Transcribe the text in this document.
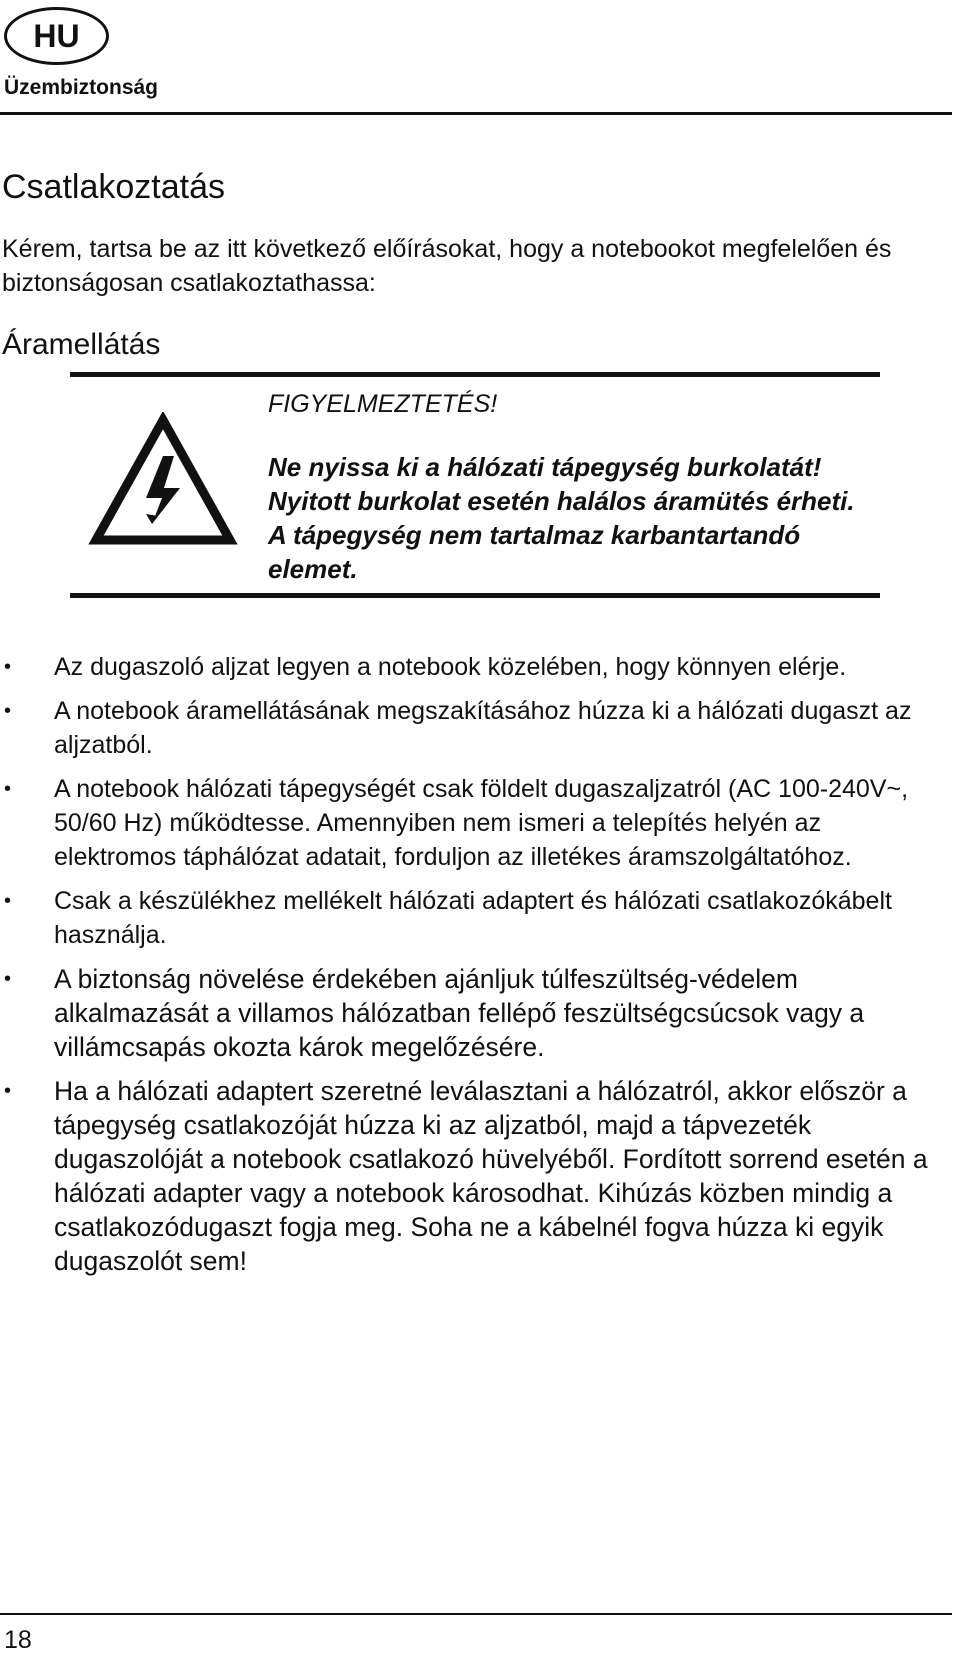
HU
Üzembiztonság
Csatlakoztatás

Kérem, tartsa be az itt következő előírásokat, hogy a notebookot megfelelően és biztonságosan csatlakoztathassa:

Áramellátás

FIGYELMEZTETÉS!

Ne nyissa ki a hálózati tápegység burkolatát! Nyitott burkolat esetén halálos áramütés érheti. A tápegység nem tartalmaz karbantartandó elemet.

• Az dugaszoló aljzat legyen a notebook közelében, hogy könnyen elérje.
• A notebook áramellátásának megszakításához húzza ki a hálózati dugaszt az aljzatból.
• A notebook hálózati tápegységét csak földelt dugaszaljzatról (AC 100-240V~, 50/60 Hz) működtesse. Amennyiben nem ismeri a telepítés helyén az elektromos táphálózat adatait, forduljon az illetékes áramszolgáltatóhoz.
• Csak a készülékhez mellékelt hálózati adaptert és hálózati csatlakozókábelt használja.
• A biztonság növelése érdekében ajánljuk túlfeszültség-védelem alkalmazását a villamos hálózatban fellépő feszültségcsúcsok vagy a villámcsapás okozta károk megelőzésére.
• Ha a hálózati adaptert szeretné leválasztani a hálózatról, akkor először a tápegység csatlakozóját húzza ki az aljzatból, majd a tápvezeték dugaszolóját a notebook csatlakozó hüvelyéből. Fordított sorrend esetén a hálózati adapter vagy a notebook károsodhat. Kihúzás közben mindig a csatlakozódugaszt fogja meg. Soha ne a kábelnél fogva húzza ki egyik dugaszolót sem!
18
